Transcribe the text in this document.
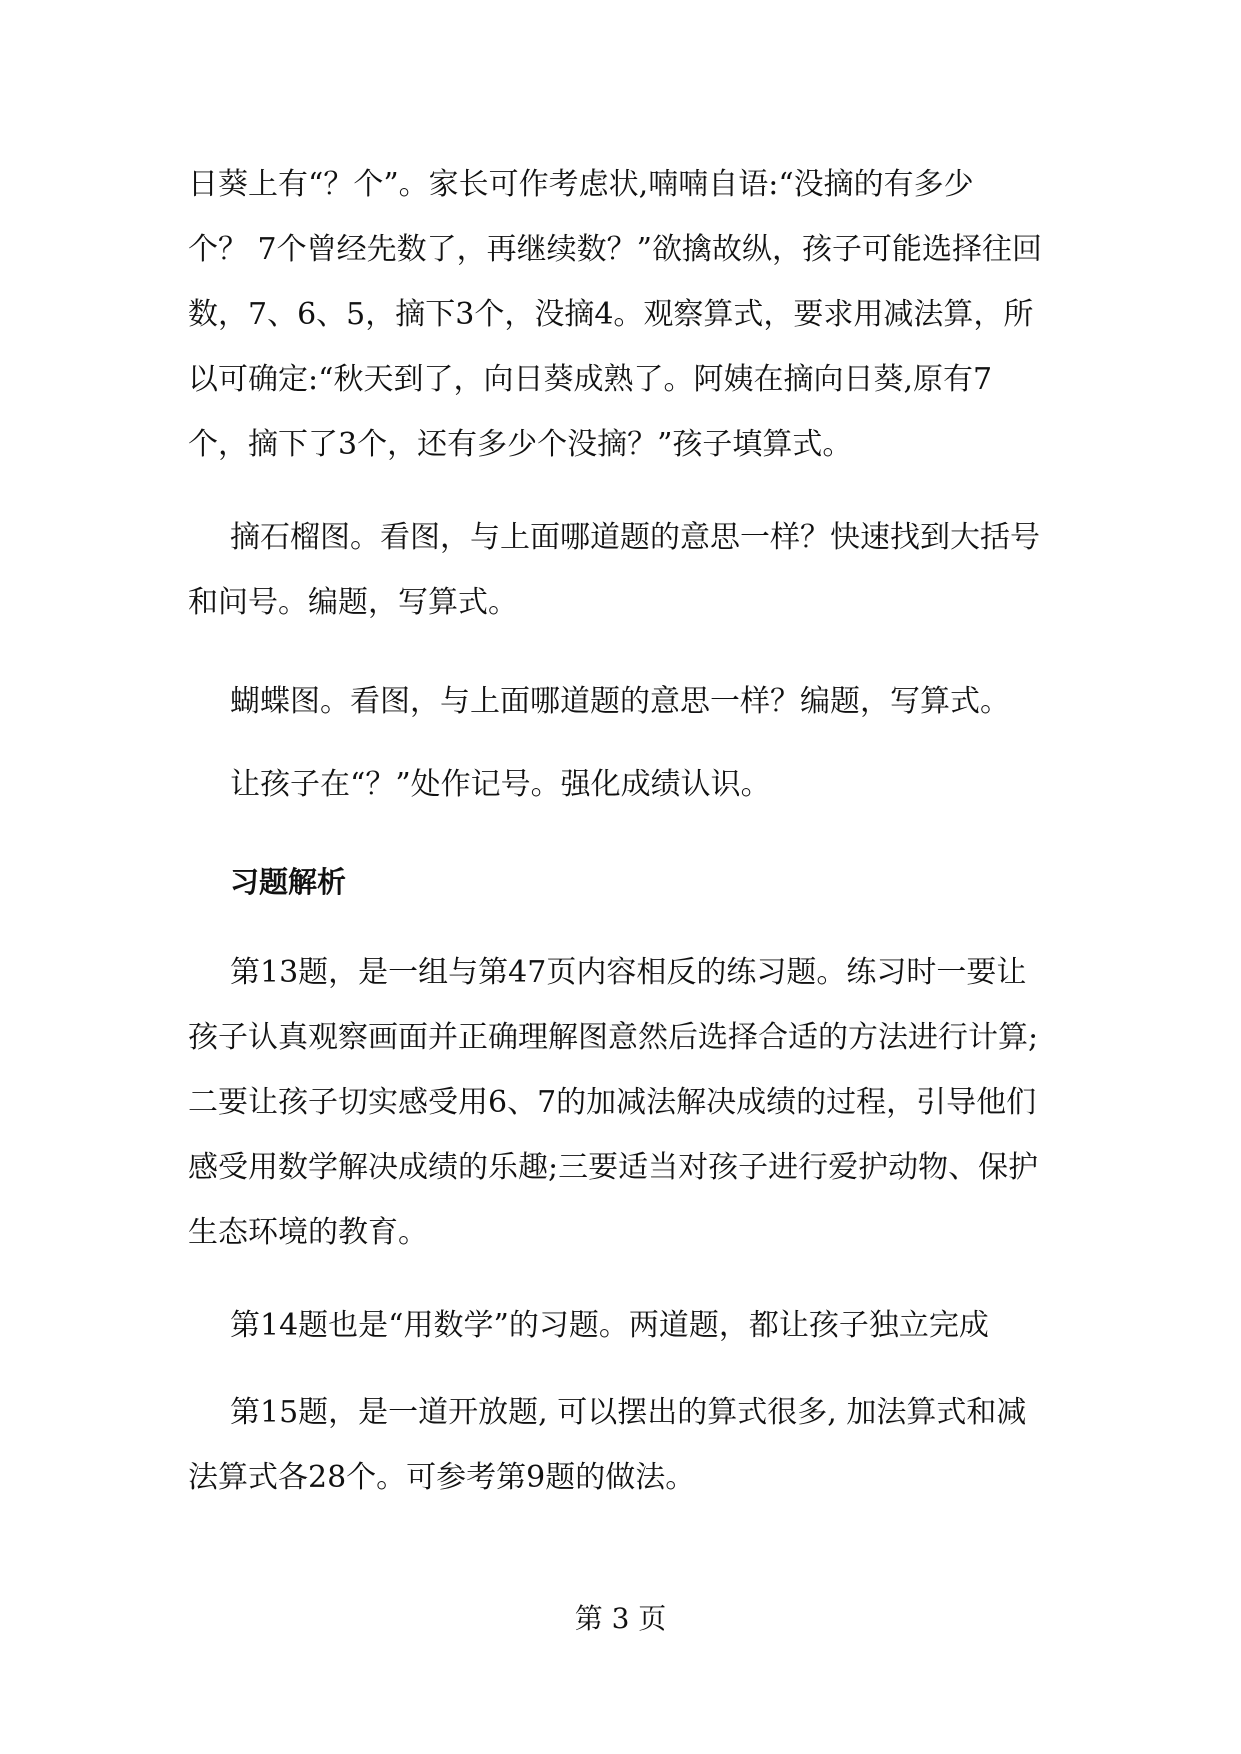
日葵上有“？个”。家长可作考虑状,喃喃自语:“没摘的有多少
个？ 7个曾经先数了，再继续数？”欲擒故纵，孩子可能选择往回
数，7、6、5，摘下3个，没摘4。观察算式，要求用减法算，所
以可确定:“秋天到了，向日葵成熟了。阿姨在摘向日葵,原有7
个，摘下了3个，还有多少个没摘？”孩子填算式。
摘石榴图。看图，与上面哪道题的意思一样？快速找到大括号
和问号。编题，写算式。
蝴蝶图。看图，与上面哪道题的意思一样？编题，写算式。
让孩子在“？”处作记号。强化成绩认识。
习题解析
第13题，是一组与第47页内容相反的练习题。练习时一要让
孩子认真观察画面并正确理解图意然后选择合适的方法进行计算;
二要让孩子切实感受用6、7的加减法解决成绩的过程，引导他们
感受用数学解决成绩的乐趣;三要适当对孩子进行爱护动物、保护
生态环境的教育。
第14题也是“用数学”的习题。两道题，都让孩子独立完成
第15题，是一道开放题, 可以摆出的算式很多, 加法算式和减
法算式各28个。可参考第9题的做法。
第 3 页
